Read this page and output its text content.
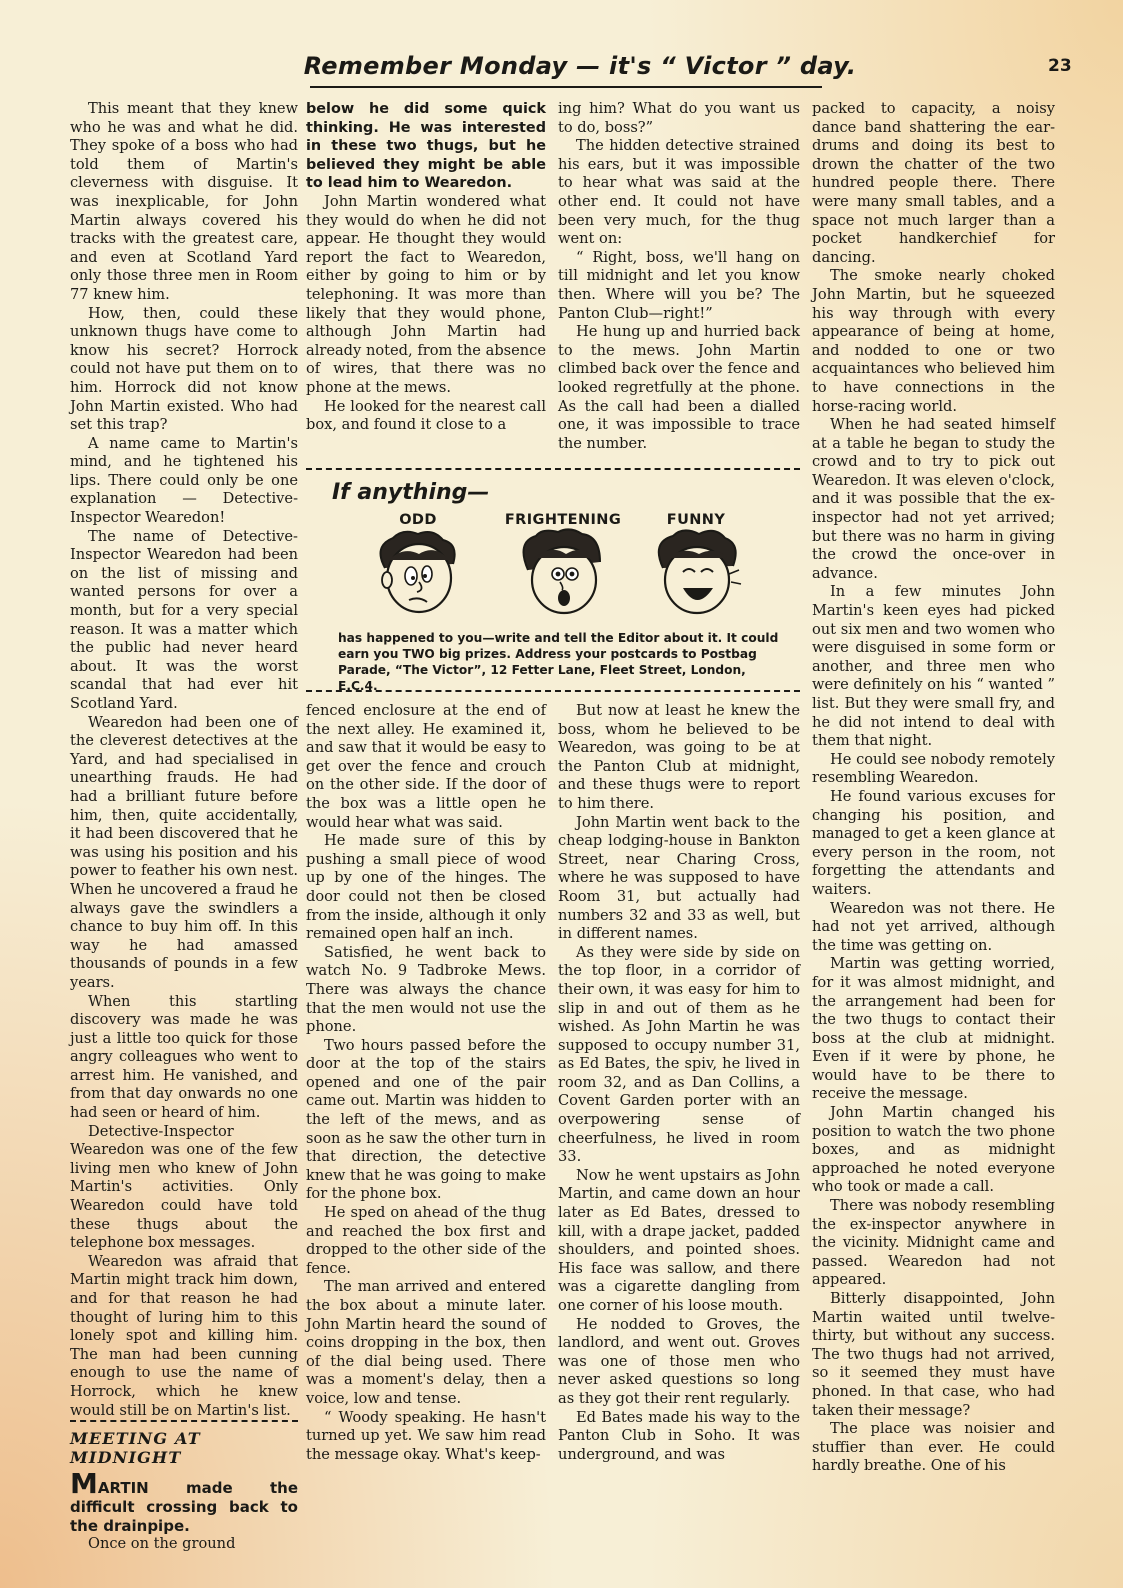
Remember Monday — it's “ Victor ” day.	23

This meant that they knew who he was and what he did. They spoke of a boss who had told them of Martin's cleverness with disguise. It was inexplicable, for John Martin always covered his tracks with the greatest care, and even at Scotland Yard only those three men in Room 77 knew him.

How, then, could these unknown thugs have come to know his secret? Horrock could not have put them on to him. Horrock did not know John Martin existed. Who had set this trap?

A name came to Martin's mind, and he tightened his lips. There could only be one explanation — Detective-Inspector Wearedon!

The name of Detective-Inspector Wearedon had been on the list of missing and wanted persons for over a month, but for a very special reason. It was a matter which the public had never heard about. It was the worst scandal that had ever hit Scotland Yard.

Wearedon had been one of the cleverest detectives at the Yard, and had specialised in unearthing frauds. He had had a brilliant future before him, then, quite accidentally, it had been discovered that he was using his position and his power to feather his own nest. When he uncovered a fraud he always gave the swindlers a chance to buy him off. In this way he had amassed thousands of pounds in a few years.

When this startling discovery was made he was just a little too quick for those angry colleagues who went to arrest him. He vanished, and from that day onwards no one had seen or heard of him.

Detective-Inspector Wearedon was one of the few living men who knew of John Martin's activities. Only Wearedon could have told these thugs about the telephone box messages.

Wearedon was afraid that Martin might track him down, and for that reason he had thought of luring him to this lonely spot and killing him. The man had been cunning enough to use the name of Horrock, which he knew would still be on Martin's list.

MEETING AT MIDNIGHT

MARTIN made the difficult crossing back to the drainpipe.

Once on the ground

below he did some quick thinking. He was interested in these two thugs, but he believed they might be able to lead him to Wearedon.

John Martin wondered what they would do when he did not appear. He thought they would report the fact to Wearedon, either by going to him or by telephoning. It was more than likely that they would phone, although John Martin had already noted, from the absence of wires, that there was no phone at the mews.

He looked for the nearest call box, and found it close to a

ing him? What do you want us to do, boss?”

The hidden detective strained his ears, but it was impossible to hear what was said at the other end. It could not have been very much, for the thug went on:

“ Right, boss, we'll hang on till midnight and let you know then. Where will you be? The Panton Club—right!”

He hung up and hurried back to the mews. John Martin climbed back over the fence and looked regretfully at the phone. As the call had been a dialled one, it was impossible to trace the number.

If anything—
ODD	FRIGHTENING	FUNNY
has happened to you—write and tell the Editor about it. It could earn you TWO big prizes. Address your postcards to Postbag Parade, “The Victor”, 12 Fetter Lane, Fleet Street, London, E.C.4.

fenced enclosure at the end of the next alley. He examined it, and saw that it would be easy to get over the fence and crouch on the other side. If the door of the box was a little open he would hear what was said.

He made sure of this by pushing a small piece of wood up by one of the hinges. The door could not then be closed from the inside, although it only remained open half an inch.

Satisfied, he went back to watch No. 9 Tadbroke Mews. There was always the chance that the men would not use the phone.

Two hours passed before the door at the top of the stairs opened and one of the pair came out. Martin was hidden to the left of the mews, and as soon as he saw the other turn in that direction, the detective knew that he was going to make for the phone box.

He sped on ahead of the thug and reached the box first and dropped to the other side of the fence.

The man arrived and entered the box about a minute later. John Martin heard the sound of coins dropping in the box, then of the dial being used. There was a moment's delay, then a voice, low and tense.

“ Woody speaking. He hasn't turned up yet. We saw him read the message okay. What's keep-

But now at least he knew the boss, whom he believed to be Wearedon, was going to be at the Panton Club at midnight, and these thugs were to report to him there.

John Martin went back to the cheap lodging-house in Bankton Street, near Charing Cross, where he was supposed to have Room 31, but actually had numbers 32 and 33 as well, but in different names.

As they were side by side on the top floor, in a corridor of their own, it was easy for him to slip in and out of them as he wished. As John Martin he was supposed to occupy number 31, as Ed Bates, the spiv, he lived in room 32, and as Dan Collins, a Covent Garden porter with an overpowering sense of cheerfulness, he lived in room 33.

Now he went upstairs as John Martin, and came down an hour later as Ed Bates, dressed to kill, with a drape jacket, padded shoulders, and pointed shoes. His face was sallow, and there was a cigarette dangling from one corner of his loose mouth.

He nodded to Groves, the landlord, and went out. Groves was one of those men who never asked questions so long as they got their rent regularly.

Ed Bates made his way to the Panton Club in Soho. It was underground, and was

packed to capacity, a noisy dance band shattering the ear-drums and doing its best to drown the chatter of the two hundred people there. There were many small tables, and a space not much larger than a pocket handkerchief for dancing.

The smoke nearly choked John Martin, but he squeezed his way through with every appearance of being at home, and nodded to one or two acquaintances who believed him to have connections in the horse-racing world.

When he had seated himself at a table he began to study the crowd and to try to pick out Wearedon. It was eleven o'clock, and it was possible that the ex-inspector had not yet arrived; but there was no harm in giving the crowd the once-over in advance.

In a few minutes John Martin's keen eyes had picked out six men and two women who were disguised in some form or another, and three men who were definitely on his “ wanted ” list. But they were small fry, and he did not intend to deal with them that night.

He could see nobody remotely resembling Wearedon.

He found various excuses for changing his position, and managed to get a keen glance at every person in the room, not forgetting the attendants and waiters.

Wearedon was not there. He had not yet arrived, although the time was getting on.

Martin was getting worried, for it was almost midnight, and the arrangement had been for the two thugs to contact their boss at the club at midnight. Even if it were by phone, he would have to be there to receive the message.

John Martin changed his position to watch the two phone boxes, and as midnight approached he noted everyone who took or made a call.

There was nobody resembling the ex-inspector anywhere in the vicinity. Midnight came and passed. Wearedon had not appeared.

Bitterly disappointed, John Martin waited until twelve-thirty, but without any success. The two thugs had not arrived, so it seemed they must have phoned. In that case, who had taken their message?

The place was noisier and stuffier than ever. He could hardly breathe. One of his
